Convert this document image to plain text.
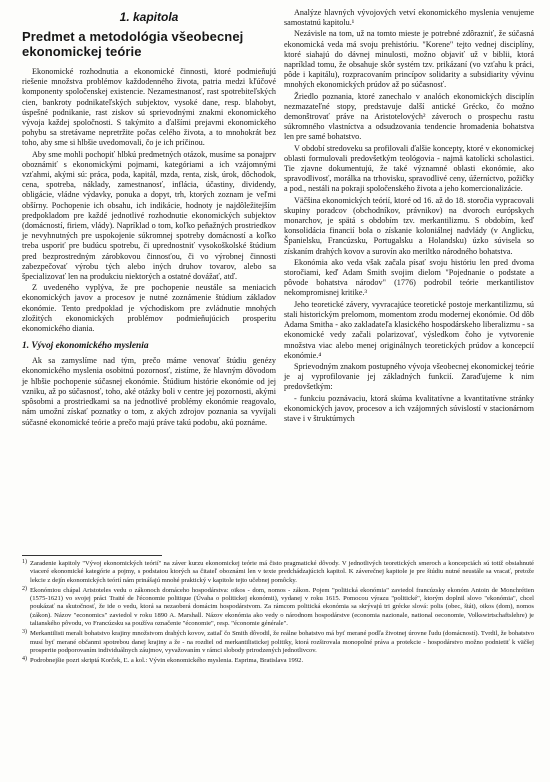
1. kapitola
Predmet a metodológia všeobecnej ekonomickej teórie

Ekonomické rozhodnutia a ekonomické činnosti, ktoré podmieňujú riešenie množstva problémov každodenného života, patria medzi kľúčové komponenty spoločenskej existencie. Nezamestnanosť, rast spotrebiteľských cien, bankroty podnikateľských subjektov, vysoké dane, resp. blahobyt, úspešné podnikanie, rast ziskov sú sprievodnými znakmi ekonomického vývoja každej spoločnosti. S takýmito a ďalšími prejavmi ekonomického pohybu sa stretávame nepretržite počas celého života, a to mnohokrát bez toho, aby sme si hlbšie uvedomovali, čo je ich príčinou.

Aby sme mohli pochopiť hlbkú predmetných otázok, musíme sa ponajprv oboznámiť s ekonomickými pojmami, kategóriami a ich vzájomnými vzťahmi, akými sú: práca, poda, kapitál, mzda, renta, zisk, úrok, dôchodok, cena, spotreba, náklady, zamestnanosť, inflácia, účastiny, dividendy, obligácie, vládne výdavky, ponuka a dopyt, trh, ktorých zoznam je veľmi obšírny. Pochopenie ich obsahu, ich indikácie, hodnoty je najdôležitejším predpokladom pre každé jednotlivé rozhodnutie ekonomických subjektov (domácností, firiem, vlády). Napríklad o tom, koľko peňažných prostriedkov je nevyhnutných pre uspokojenie súkromnej spotreby domácností a koľko treba usporiť pre budúcu spotrebu, či uprednostniť vysokoškolské štúdium pred bezprostredným zárobkovou činnosťou, či vo výrobnej činnosti zabezpečovať výrobu tých alebo iných druhov tovarov, alebo sa špecializovať len na produkciu niektorých a ostatné dovážať, atď.

Z uvedeného vyplýva, že pre pochopenie neustále sa meniacich ekonomických javov a procesov je nutné zoznámenie štúdium základov ekonómie. Tento predpoklad je východiskom pre zvládnutie mnohých zložitých ekonomických problémov podmieňujúcich prosperitu ekonomického diania.

1. Vývoj ekonomického myslenia

Ak sa zamyslíme nad tým, prečo máme venovať štúdiu genézy ekonomického myslenia osobitnú pozornosť, zistíme, že hlavným dôvodom je hlbšie pochopenie súčasnej ekonómie. Štúdium histórie ekonómie od jej vzniku, až po súčasnosť, toho, aké otázky boli v centre jej pozornosti, akými spôsobmi a prostriedkami sa na jednotlivé problémy ekonómie reagovalo, nám umožní získať poznatky o tom, z akých zdrojov poznania sa vyvíjali súčasné ekonomické teórie a prečo majú práve takú podobu, akú poznáme.

Analýze hlavných vývojových vetví ekonomického myslenia venujeme samostatnú kapitolu.¹

Nezávisle na tom, už na tomto mieste je potrebné zdôrazniť, že súčasná ekonomická veda má svoju prehistóriu. "Korene" tejto vednej disciplíny, ktoré siahajú do dávnej minulosti, možno objaviť už v biblii, ktorá napríklad tomu, že obsahuje skôr systém tzv. prikázaní (vo vzťahu k práci, pôde i kapitálu), rozpracovaním princípov solidarity a subsidiarity vývinu mnohých ekonomických prúdov až po súčasnosť.

Žriedlo poznania, ktoré zanechalo v analóch ekonomických disciplín nezmazateľné stopy, predstavuje další antické Grécko, čo možno demonštrovať práve na Aristotelových² záveroch o prospechu rastu súkromného vlastníctva a odsudzovania tendencie hromadenia bohatstva len pre samé bohatstvo.

V období stredoveku sa profilovali ďalšie koncepty, ktoré v ekonomickej oblasti formulovali predovšetkým teológovia - najmä katolícki scholastici. Tie zjavne dokumentujú, že také významné oblasti ekonómie, ako spravodlivosť, morálka na trhovisku, spravodlivé ceny, úžerníctvo, požičky a pod., nestáli na pokraji spoločenského života a jeho komercionalizácie.

Väčšina ekonomických teórií, ktoré od 16. až do 18. storočia vypracovali skupiny poradcov (obchodníkov, právnikov) na dvoroch európskych monarchov, je spätá s obdobím tzv. merkantilizmu. S obdobím, keď konsolidácia financií bola o získanie koloniálnej nadvlády (v Anglicku, Španielsku, Francúzsku, Portugalsku a Holandsku) úzko súvisela so získaním drahých kovov a surovín ako meriltko národného bohatstva.

Ekonómia ako veda však začala písať svoju históriu len pred dvoma storočiami, keď Adam Smith svojim dielom "Pojednanie o podstate a pôvode bohatstva národov" (1776) podrobil teórie merkantilistov nekompromisnej kritike.³

Jeho teoretické závery, vyvracajúce teoretické postoje merkantilizmu, sú stali historickým prelomom, momentom zrodu modernej ekonómie. Od dôb Adama Smitha - ako zakladateľa klasického hospodárskeho liberalizmu - sa ekonomické vedy začali polarizovať, výsledkom čoho je vytvorenie množstva viac alebo menej originálnych teoretických prúdov a koncepcií ekonómie.⁴

Sprievodným znakom postupného vývoja všeobecnej ekonomickej teórie je aj vyprofilovanie jej základných funkcií. Zaraďujeme k nim predovšetkým:

- funkciu poznávaciu, ktorá skúma kvalitatívne a kvantitatívne stránky ekonomických javov, procesov a ich vzájomných súvislostí v stacionárnom stave i v štruktúrnych

1) Zaradenie kapitoly "Vývoj ekonomických teórií" na záver kurzu ekonomickej teórie má čisto pragmatické dôvody. V jednotlivých teoretických smeroch a koncepciách sú totiž obsiahnuté viaceré ekonomické kategórie a pojmy, s podstatou ktorých sa čitateľ oboznámi len v texte predchádzajúcich kapitol. K záverečnej kapitole je pre štúdiu nutné neustále sa vracať, pretože lekcie z dejín ekonomických teórií nám prinášajú mnohé praktický v kapitole tejto učebnej pomôcky.
2) Ekonómiou chápal Aristoteles vedu o zákonoch domáceho hospodárstva: oikos - dom, nomos - zákon. Pojem "politická ekonómia" zaviedol francúzsky ekonóm Antoin de Monchrétien (1575-1621) vo svojej práci Traité de l'économie politique (Úvaha o politickej ekonómii), vydanej v roku 1615. Pomocou výrazu "politické", ktorým doplnil slovo "ekonómia", chcel poukázať na skutočnosť, že ide o vedu, ktorá sa nezaoberá domácim hospodárstvom. Za rámcom politická ekonómia sa skrývajú tri grécke slová: polis (obec, štát), oikos (dom), nomos (zákon). Názov "economics" zaviedol v roku 1890 A. Marshall. Názov ekonómia ako vedy o národnom hospodárstve (economia nazionale, national oeconomie, Volkswirtschaftslehre) je talianského pôvodu, vo Francúzsku sa používa označenie "économie", resp. "économie générale".
3) Merkantilisti merali bohatstvo krajiny množstvom drahých kovov, zatiaľ čo Smith dôvodil, že reálne bohatstvo má byť merané podľa životnej úrovne ľudu (domácností). Tvrdil, že bohatstvo musí byť merané občanmi spotrebou danej krajiny a že - na rozdiel od merkantilistickej politiky, ktorá rozširovala monopolné práva a protekcie - hospodárstvo možno podnietiť k väčšej prosperite podporovaním individuálnych záujmov, vyvažovaním v rámci slobody prirodzených jednotlivcov.
4) Podrobnejšie pozri skriptá Korček, Ľ. a kol.: Vývin ekonomického myslenia. Esprima, Bratislava 1992.
